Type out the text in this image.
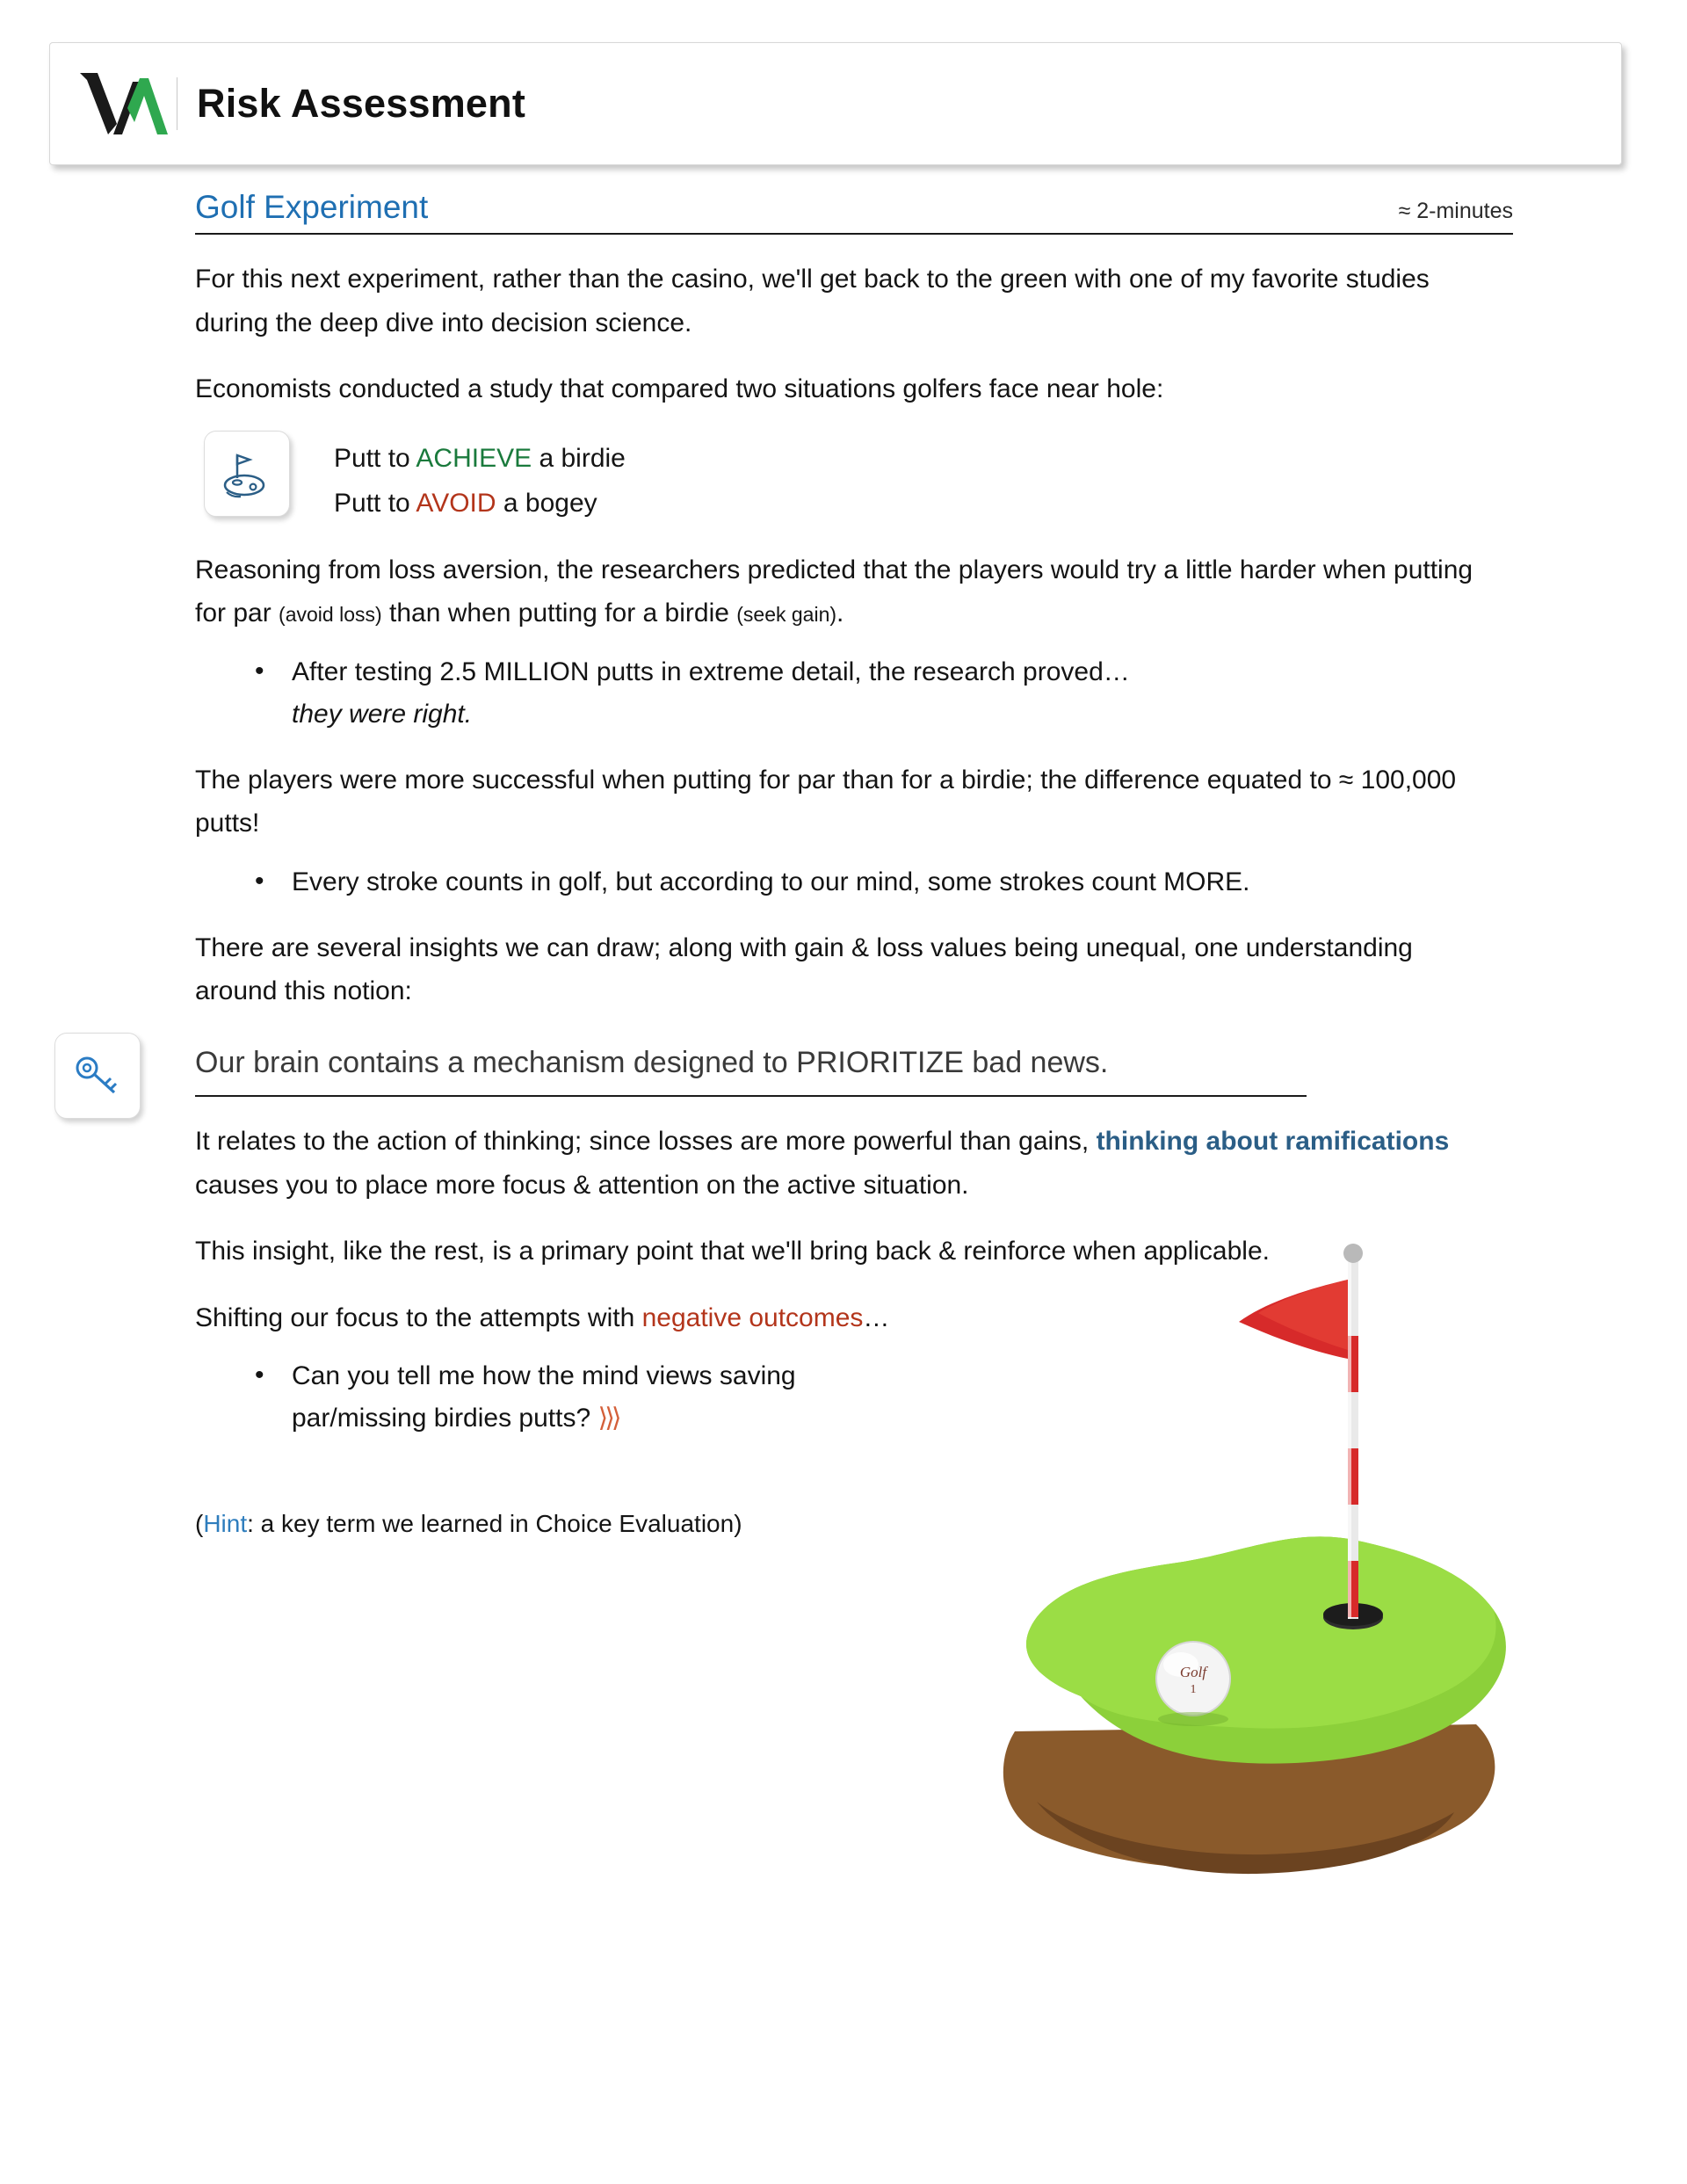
Risk Assessment
Golf Experiment	≈ 2-minutes

For this next experiment, rather than the casino, we'll get back to the green with one of my favorite studies during the deep dive into decision science.

Economists conducted a study that compared two situations golfers face near hole:

Putt to ACHIEVE a birdie
Putt to AVOID a bogey

Reasoning from loss aversion, the researchers predicted that the players would try a little harder when putting for par (avoid loss) than when putting for a birdie (seek gain).

• After testing 2.5 MILLION putts in extreme detail, the research proved…
they were right.

The players were more successful when putting for par than for a birdie; the difference equated to ≈ 100,000 putts!

• Every stroke counts in golf, but according to our mind, some strokes count MORE.

There are several insights we can draw; along with gain & loss values being unequal, one understanding around this notion:

Our brain contains a mechanism designed to PRIORITIZE bad news.

It relates to the action of thinking; since losses are more powerful than gains, thinking about ramifications causes you to place more focus & attention on the active situation.

This insight, like the rest, is a primary point that we'll bring back & reinforce when applicable.

Shifting our focus to the attempts with negative outcomes…

• Can you tell me how the mind views saving
par/missing birdies putts? ⟩⟩⟩
(Hint: a key term we learned in Choice Evaluation)
Golf
1
